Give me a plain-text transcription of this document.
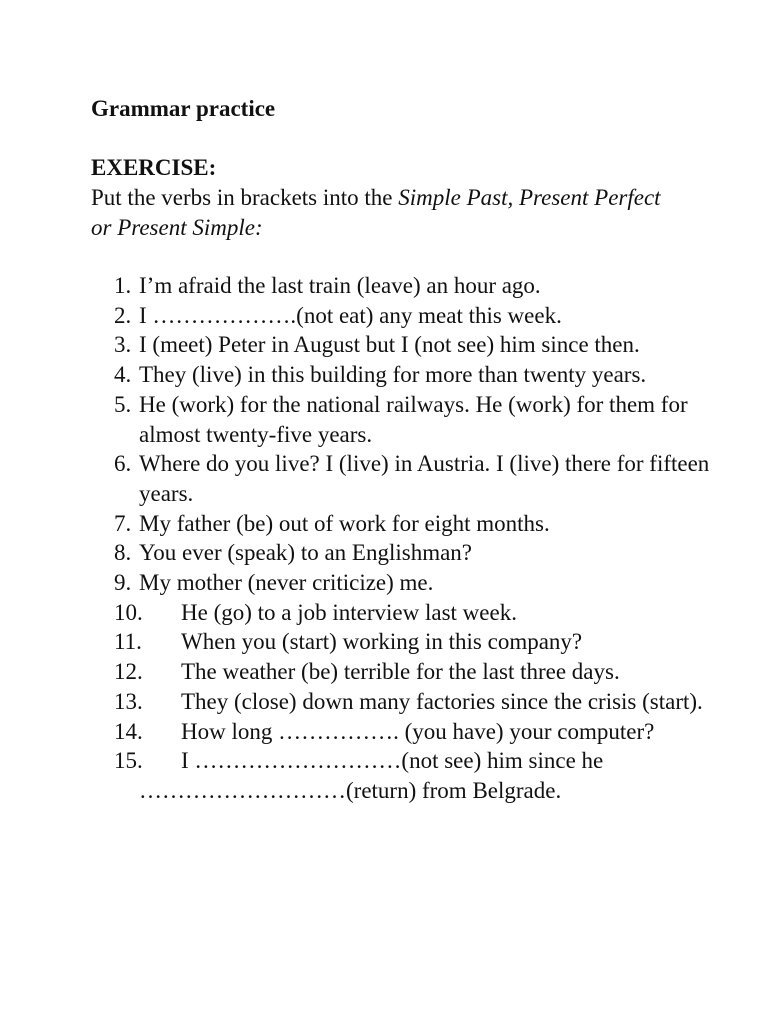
Grammar practice
EXERCISE:

Put the verbs in brackets into the Simple Past, Present Perfect or Present Simple:

1. I’m afraid the last train (leave) an hour ago.
2. I ……………….(not eat) any meat this week.
3. I (meet) Peter in August but I (not see) him since then.
4. They (live) in this building for more than twenty years.
5. He (work) for the national railways. He (work) for them for almost twenty-five years.
6. Where do you live? I (live) in Austria. I (live) there for fifteen years.
7. My father (be) out of work for eight months.
8. You ever (speak) to an Englishman?
9. My mother (never criticize) me.
10. He (go) to a job interview last week.
11. When you (start) working in this company?
12. The weather (be) terrible for the last three days.
13. They (close) down many factories since the crisis (start).
14. How long ……………. (you have) your computer?
15. I ………………………(not see) him since he ………………………(return) from Belgrade.
